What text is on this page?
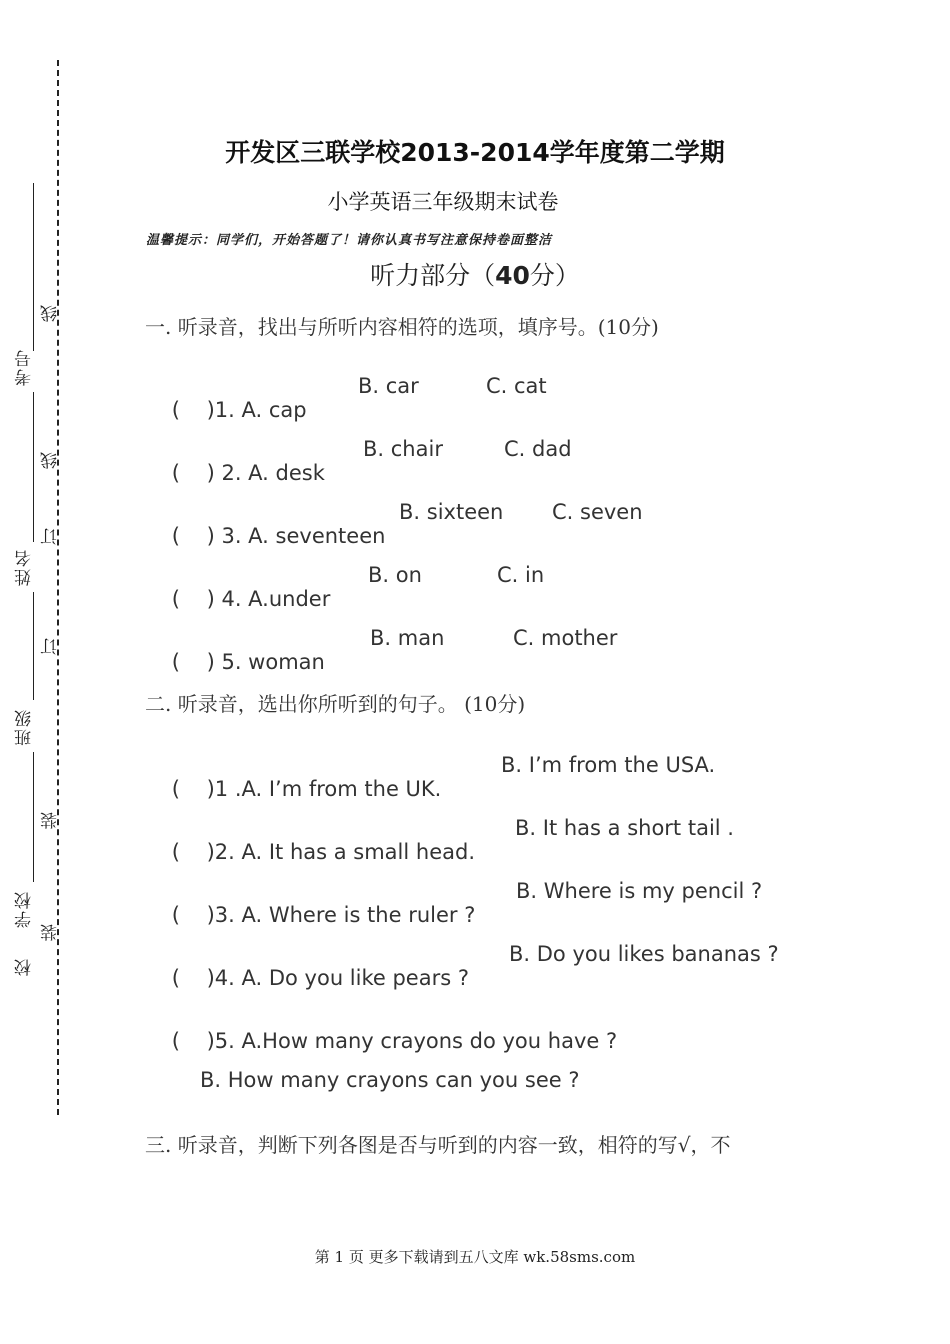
考号
姓名
班级
学校
校
线
线
订
订
装
装
开发区三联学校2013-2014学年度第二学期
小学英语三年级期末试卷
温馨提示：同学们，开始答题了！请你认真书写注意保持卷面整洁
听力部分（40分）
一. 听录音，找出与所听内容相符的选项，填序号。(10分)

(    )1. A. cap

B. car

	C. cat

(    ) 2. A. desk

B. chair

	C. dad

(    ) 3. A. seventeen

B. sixteen

C. seven

(    ) 4. A.under

B. on

	C. in

(    ) 5. woman

B. man

	C. mother

二. 听录音，选出你所听到的句子。 (10分)

(    )1 .A. I’m from the UK.

B. I’m from the USA.

(    )2. A. It has a small head.

B. It has a short tail .

(    )3. A. Where is the ruler ?

B. Where is my pencil ?

(    )4. A. Do you like pears ?

B. Do you likes bananas ?

(    )5. A.How many crayons do you have ?

B. How many crayons can you see ?
三. 听录音，判断下列各图是否与听到的内容一致，相符的写√，不
第 1 页 更多下载请到五八文库 wk.58sms.com
